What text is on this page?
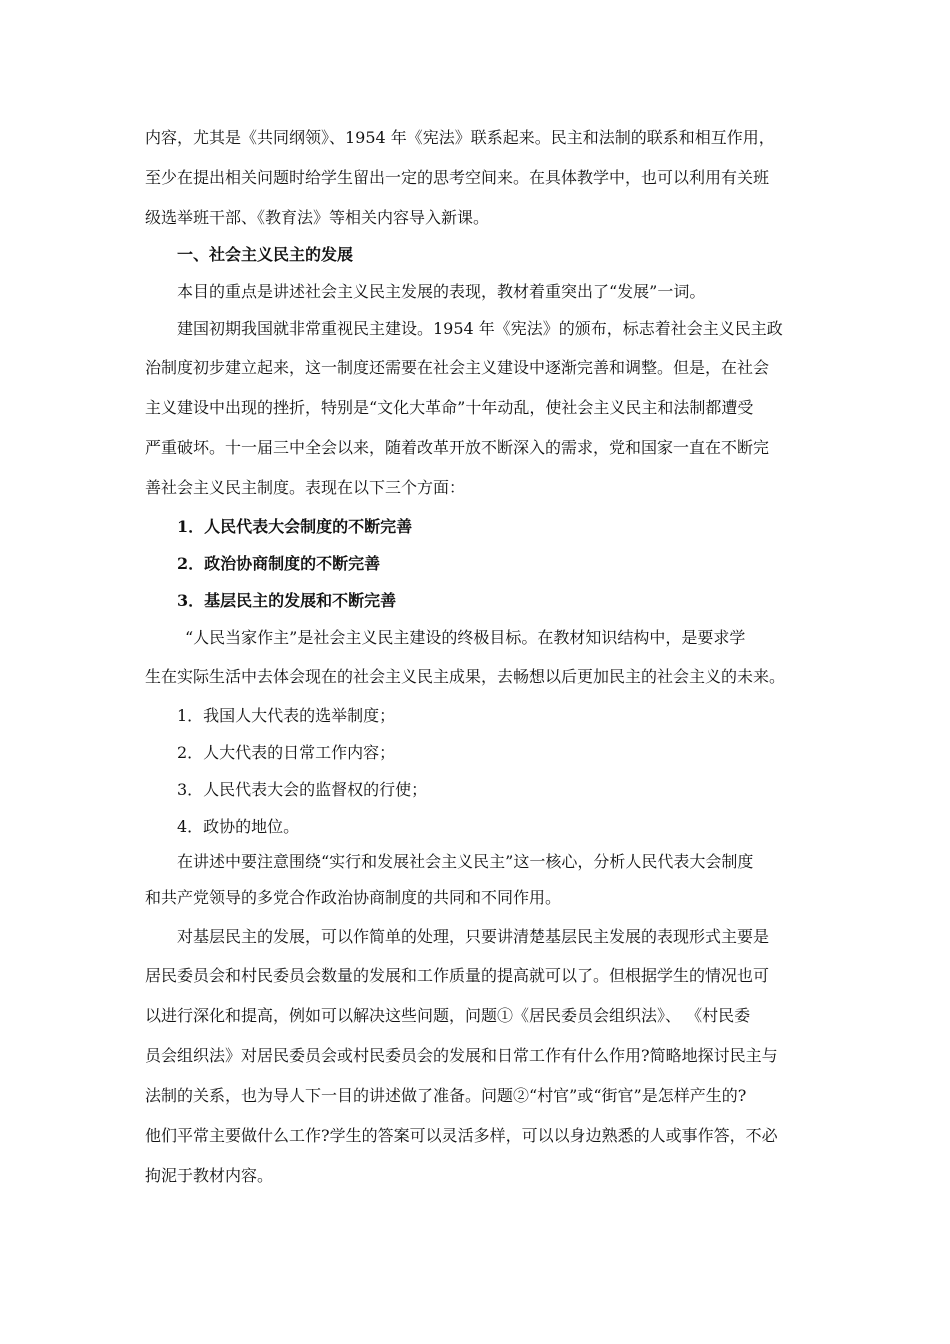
内容，尤其是《共同纲领》、1954 年《宪法》联系起来。民主和法制的联系和相互作用，
至少在提出相关问题时给学生留出一定的思考空间来。在具体教学中，也可以利用有关班
级选举班干部、《教育法》等相关内容导入新课。
一、社会主义民主的发展
本目的重点是讲述社会主义民主发展的表现，教材着重突出了“发展”一词。
建国初期我国就非常重视民主建设。1954 年《宪法》的颁布，标志着社会主义民主政
治制度初步建立起来，这一制度还需要在社会主义建设中逐渐完善和调整。但是，在社会
主义建设中出现的挫折，特别是“文化大革命”十年动乱，使社会主义民主和法制都遭受
严重破坏。十一届三中全会以来，随着改革开放不断深入的需求，党和国家一直在不断完
善社会主义民主制度。表现在以下三个方面：
1．人民代表大会制度的不断完善
2．政治协商制度的不断完善
3．基层民主的发展和不断完善
“人民当家作主”是社会主义民主建设的终极目标。在教材知识结构中，是要求学
生在实际生活中去体会现在的社会主义民主成果，去畅想以后更加民主的社会主义的未来。
1．我国人大代表的选举制度；
2．人大代表的日常工作内容；
3．人民代表大会的监督权的行使；
4．政协的地位。
在讲述中要注意围绕“实行和发展社会主义民主”这一核心，分析人民代表大会制度
和共产党领导的多党合作政治协商制度的共同和不同作用。
对基层民主的发展，可以作简单的处理，只要讲清楚基层民主发展的表现形式主要是
居民委员会和村民委员会数量的发展和工作质量的提高就可以了。但根据学生的情况也可
以进行深化和提高，例如可以解决这些问题，问题①《居民委员会组织法》、 《村民委
员会组织法》对居民委员会或村民委员会的发展和日常工作有什么作用?简略地探讨民主与
法制的关系，也为导人下一目的讲述做了准备。问题②“村官”或“街官”是怎样产生的?
他们平常主要做什么工作?学生的答案可以灵活多样，可以以身边熟悉的人或事作答，不必
拘泥于教材内容。
